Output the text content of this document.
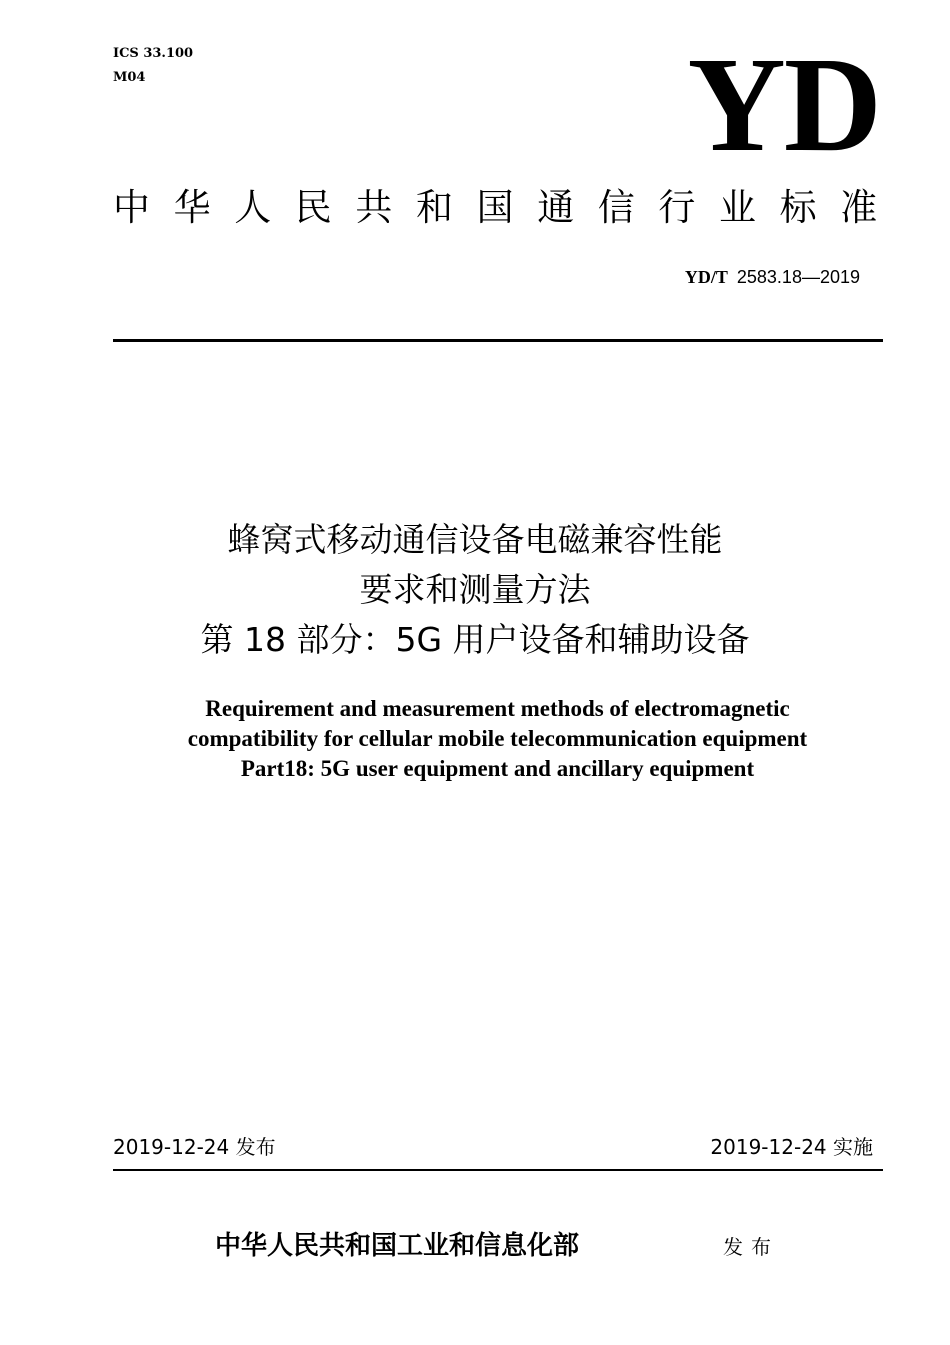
ICS 33.100
M04	YD
中华人民共和国通信行业标准
YD/T 2583.18—2019
蜂窝式移动通信设备电磁兼容性能
要求和测量方法
第 18 部分：5G 用户设备和辅助设备
Requirement and measurement methods of electromagnetic
compatibility for cellular mobile telecommunication equipment
Part18: 5G user equipment and ancillary equipment
2019-12-24 发布	2019-12-24 实施
中华人民共和国工业和信息化部	发布
